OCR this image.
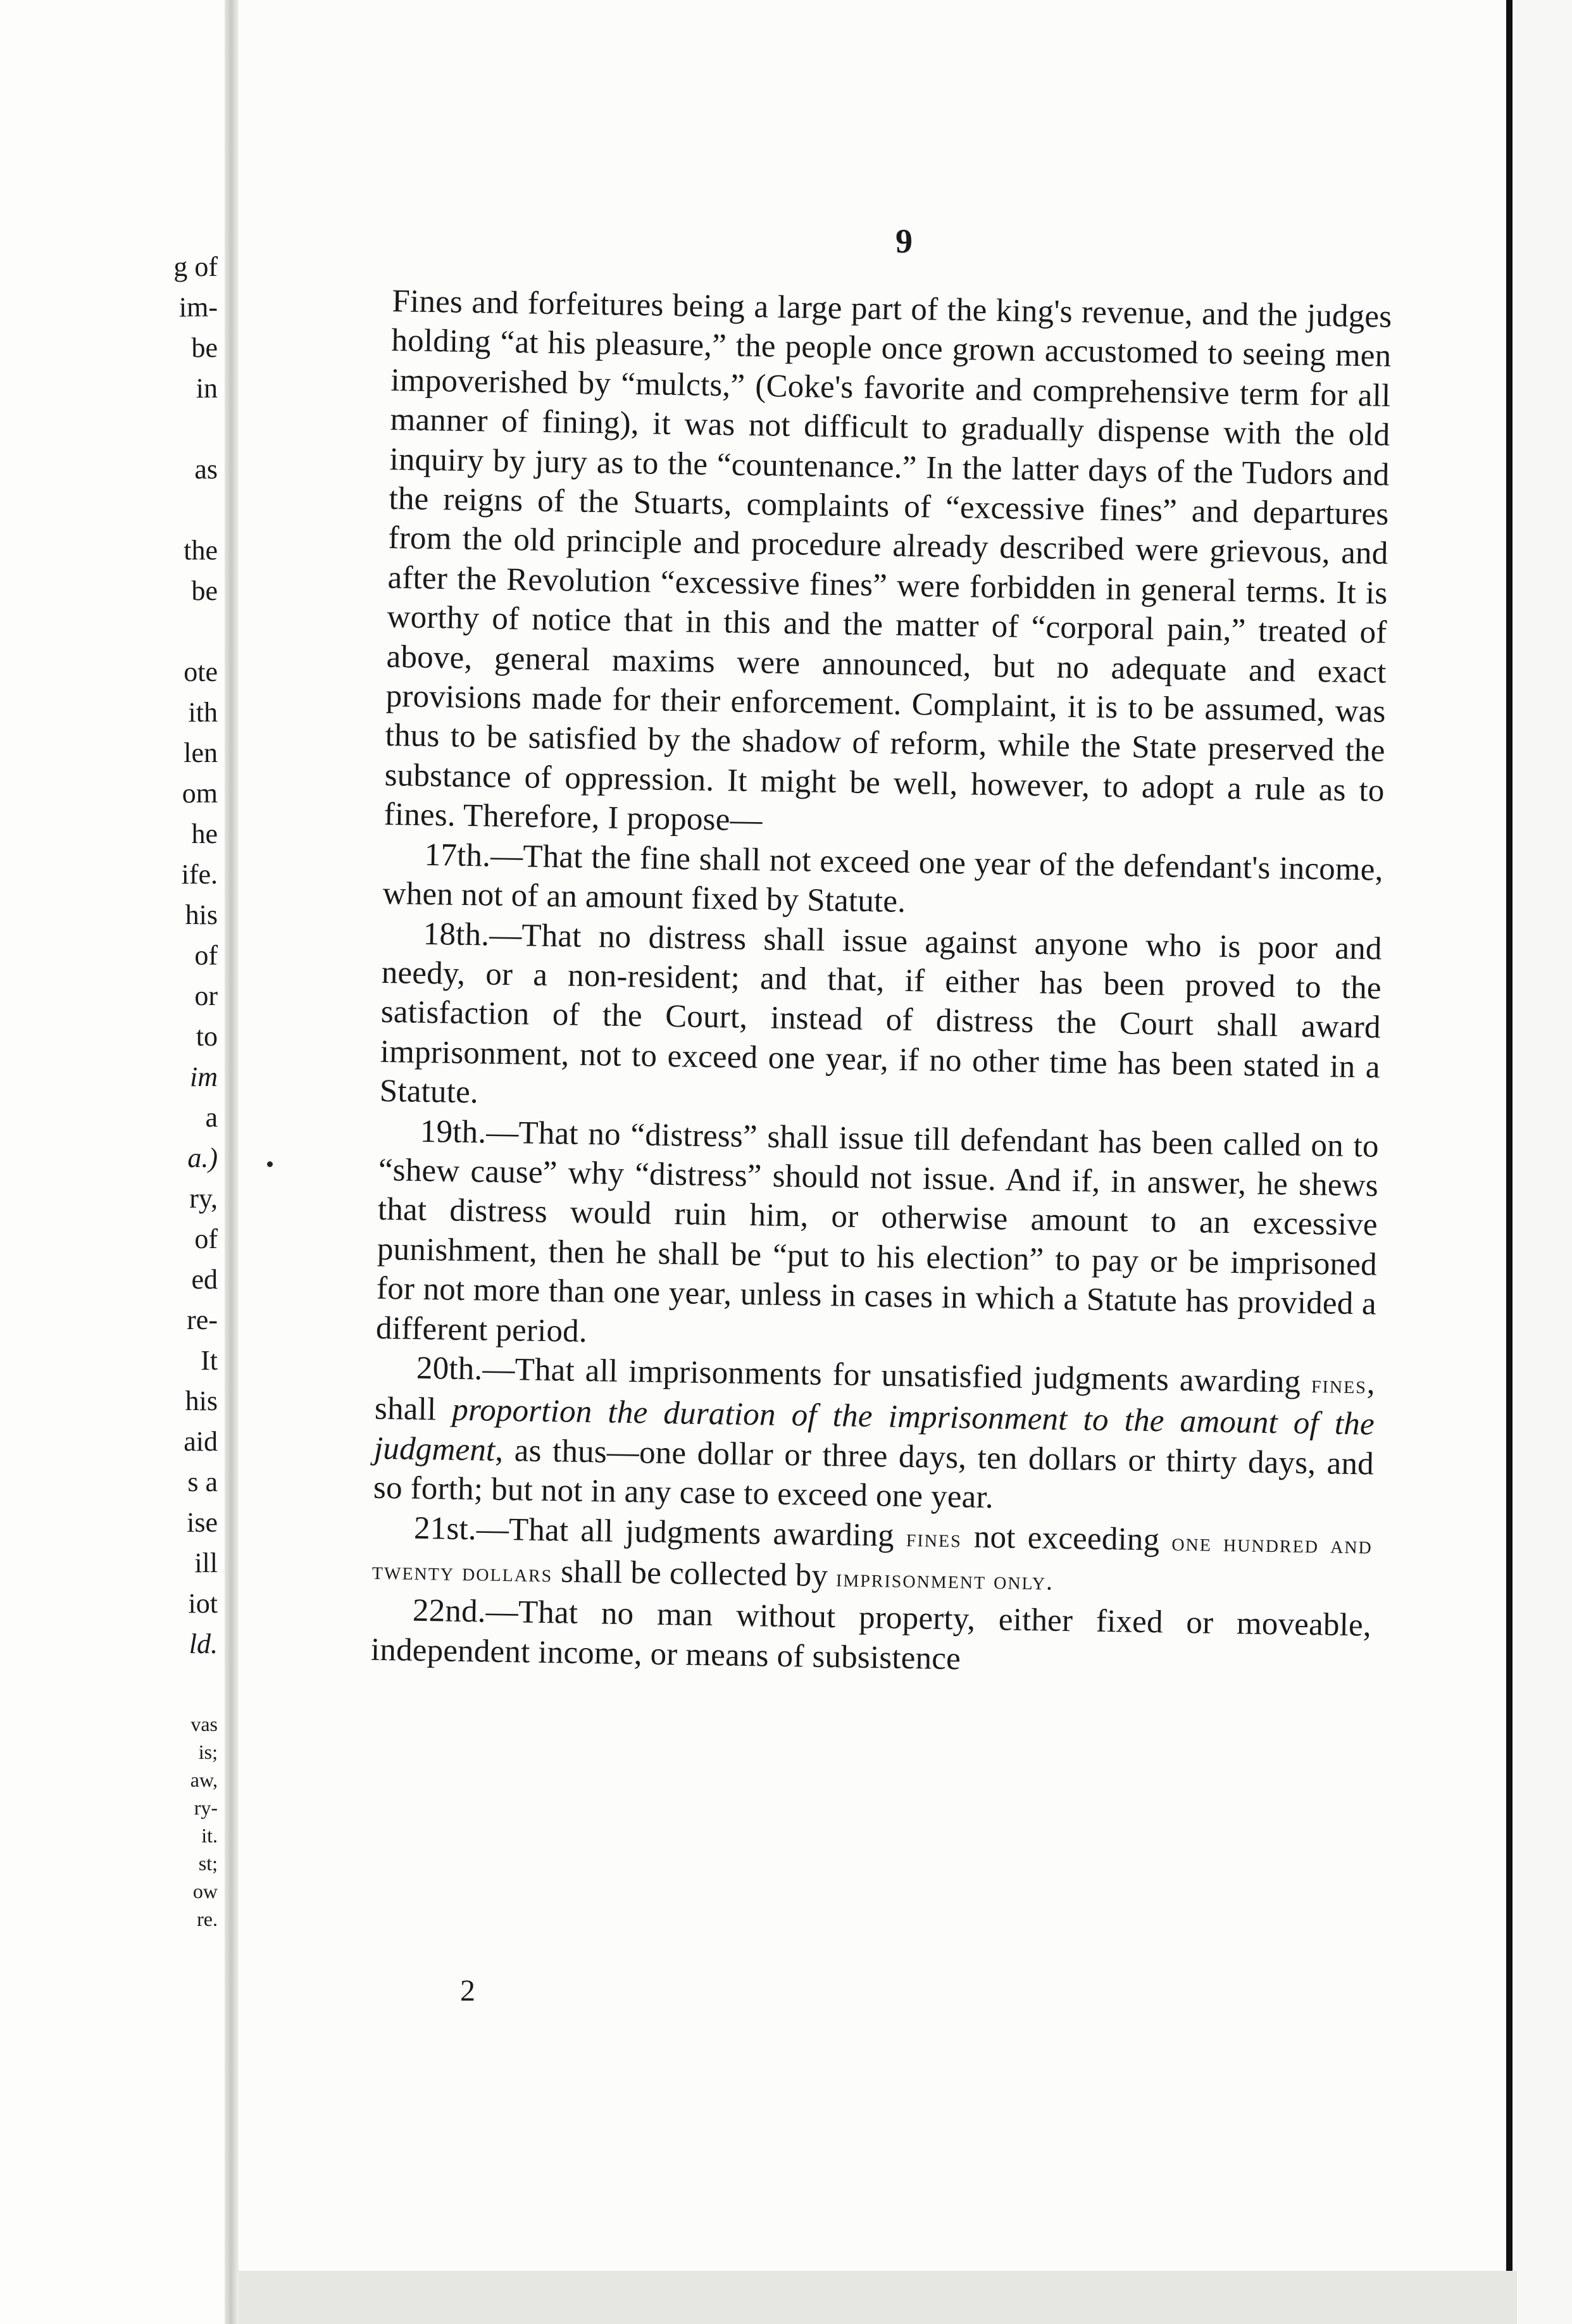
g of
im-
be
in

as

the
be

ote
ith
len
om
he
ife.
his
of
or
to
im
a
a.)
ry,
of
ed
re-
It
his
aid
s a
ise
ill
iot
ld.
vas
is;
aw,
ry-
it.
st;
ow
re.
9

Fines and forfeitures being a large part of the king's revenue, and the judges holding “at his pleasure,” the people once grown accustomed to seeing men impoverished by “mulcts,” (Coke's favorite and comprehensive term for all manner of fining), it was not difficult to gradually dispense with the old inquiry by jury as to the “countenance.” In the latter days of the Tudors and the reigns of the Stuarts, complaints of “excessive fines” and departures from the old principle and procedure already described were grievous, and after the Revolution “excessive fines” were forbidden in general terms. It is worthy of notice that in this and the matter of “corporal pain,” treated of above, general maxims were announced, but no adequate and exact provisions made for their enforcement. Complaint, it is to be assumed, was thus to be satisfied by the shadow of reform, while the State preserved the substance of oppression. It might be well, however, to adopt a rule as to fines. Therefore, I propose—

17th.—That the fine shall not exceed one year of the defendant's income, when not of an amount fixed by Statute.

18th.—That no distress shall issue against anyone who is poor and needy, or a non-resident; and that, if either has been proved to the satisfaction of the Court, instead of distress the Court shall award imprisonment, not to exceed one year, if no other time has been stated in a Statute.

19th.—That no “distress” shall issue till defendant has been called on to “shew cause” why “distress” should not issue. And if, in answer, he shews that distress would ruin him, or otherwise amount to an excessive punishment, then he shall be “put to his election” to pay or be imprisoned for not more than one year, unless in cases in which a Statute has provided a different period.

20th.—That all imprisonments for unsatisfied judgments awarding fines, shall proportion the duration of the imprisonment to the amount of the judgment, as thus—one dollar or three days, ten dollars or thirty days, and so forth; but not in any case to exceed one year.

21st.—That all judgments awarding fines not exceeding one hundred and twenty dollars shall be collected by imprisonment only.

22nd.—That no man without property, either fixed or moveable, independent income, or means of subsistence

2
